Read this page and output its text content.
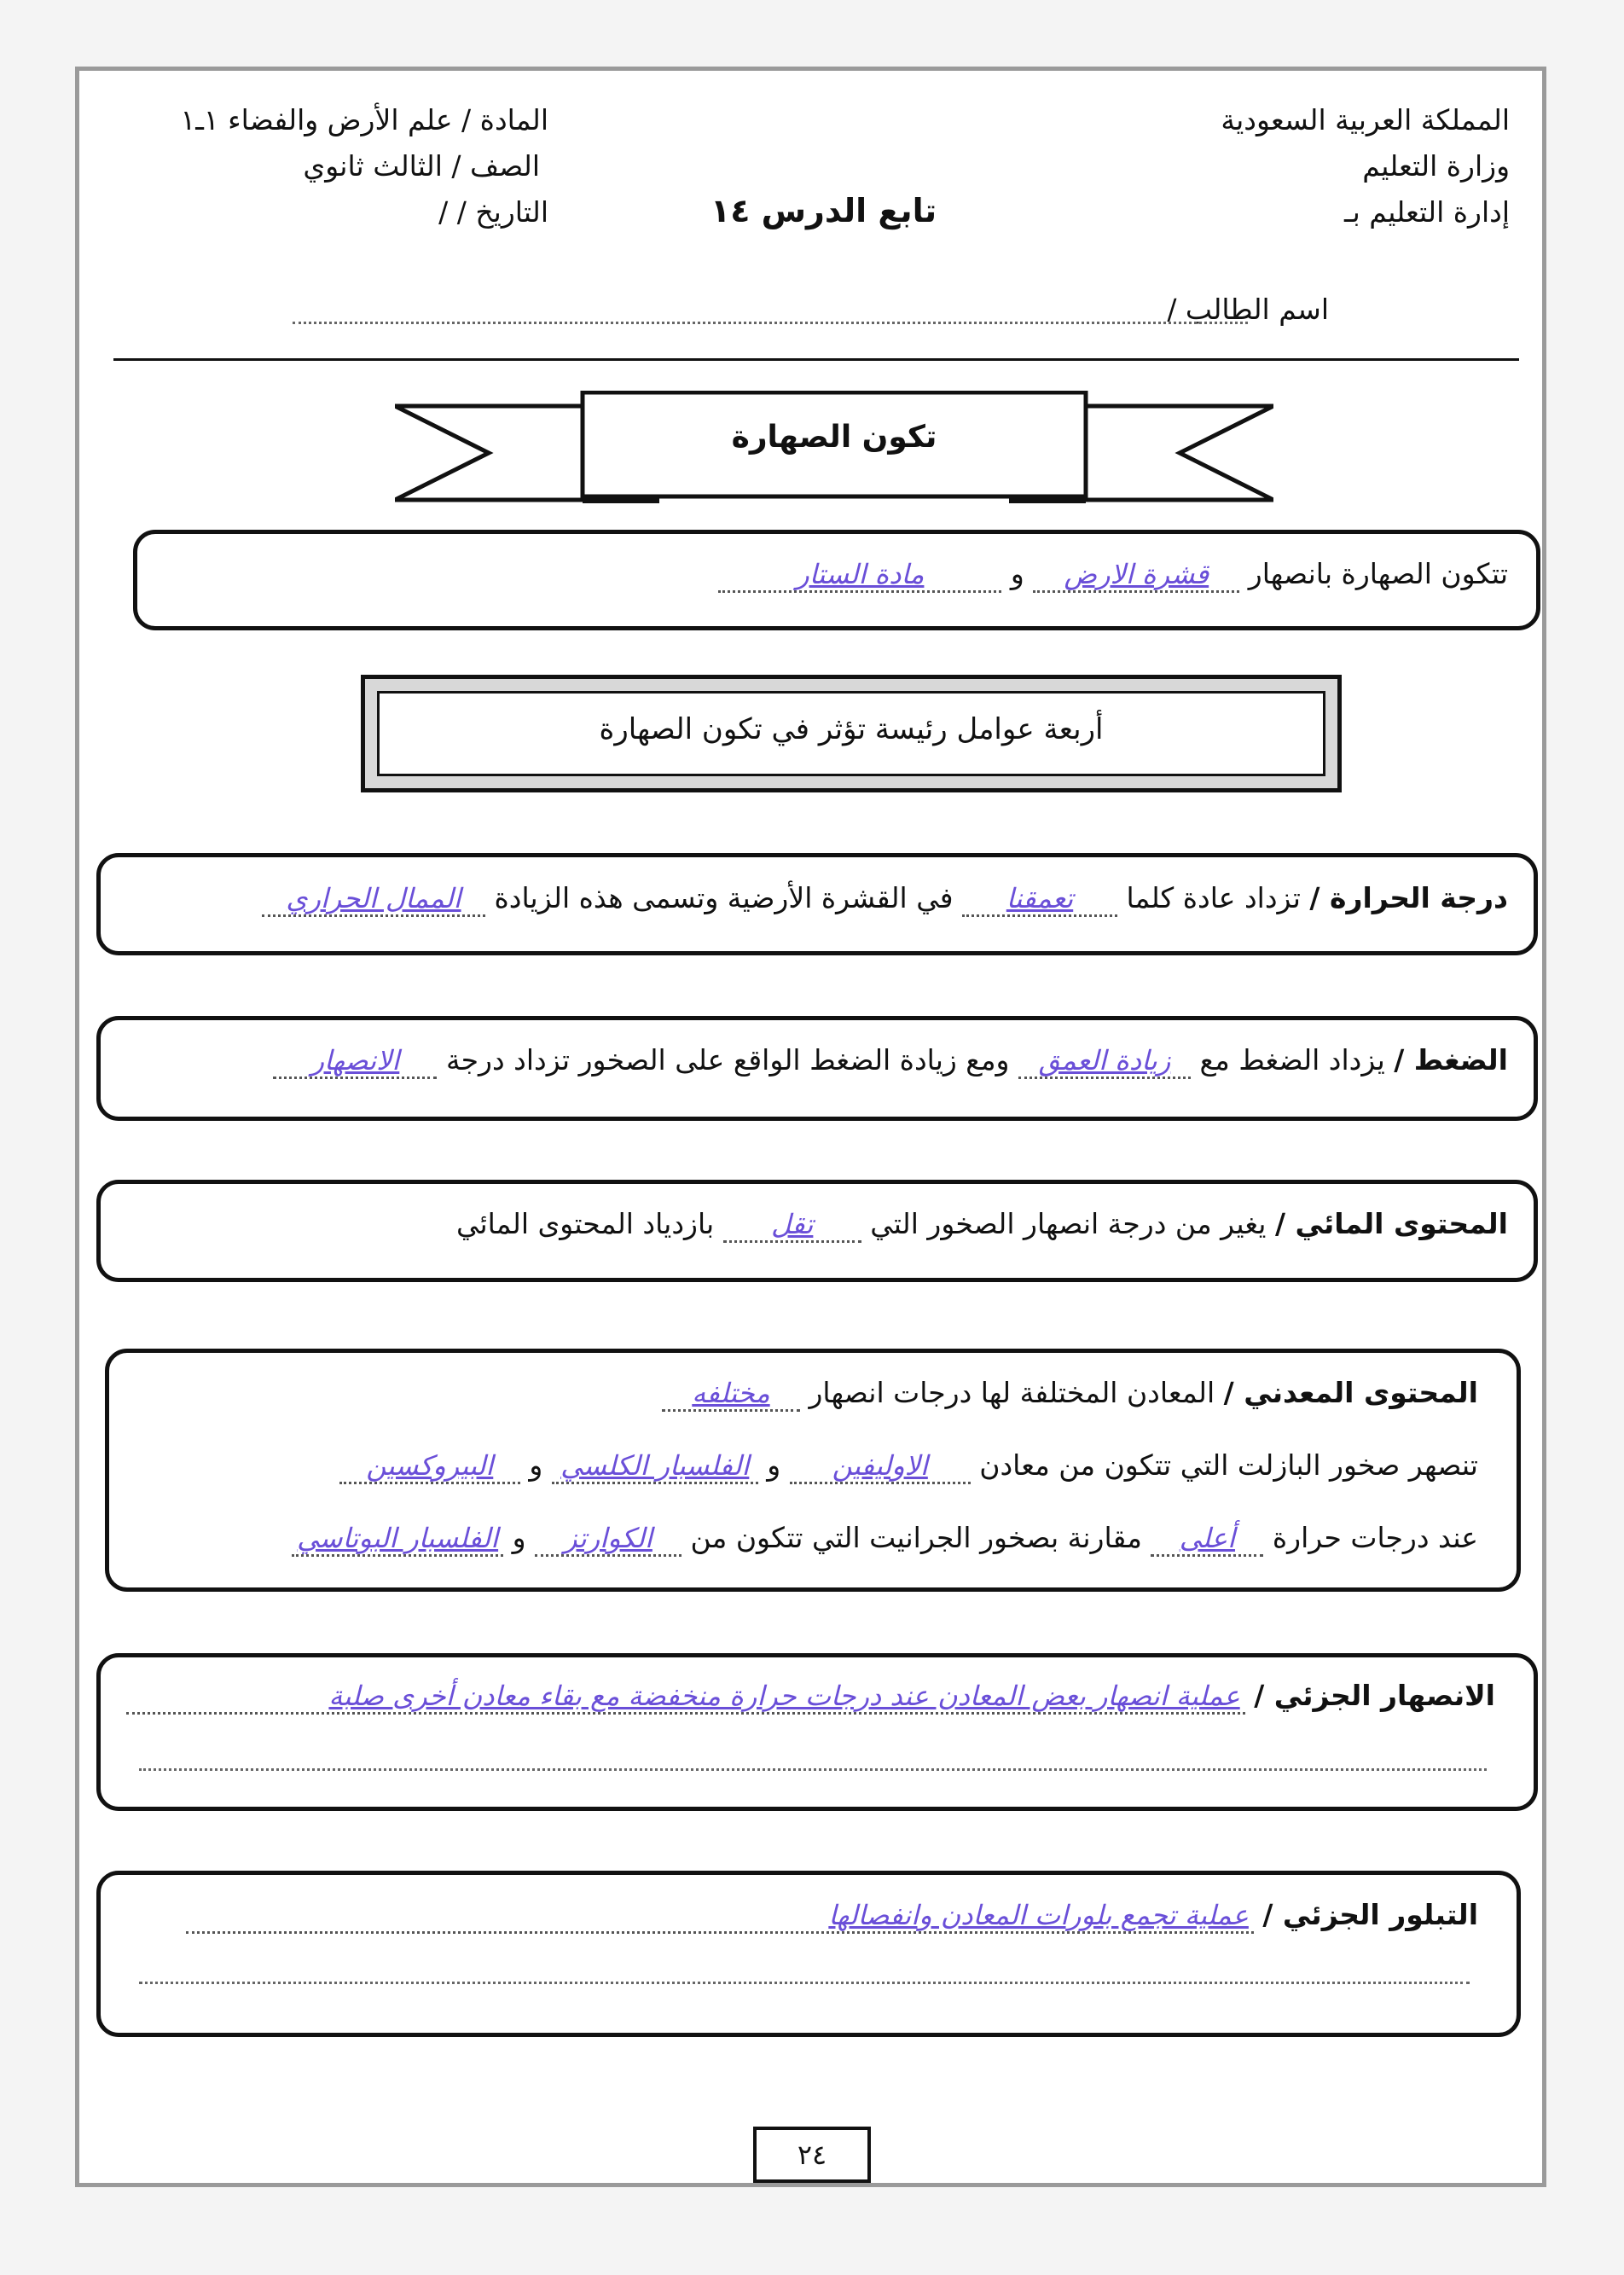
المملكة العربية السعودية
وزارة التعليم
إدارة التعليم بـ
المادة / علم الأرض والفضاء ١ـ١
الصف / الثالث ثانوي
التاريخ / /	تابع الدرس ١٤
اسم الطالب /
تكون الصهارة
تتكون الصهارة بانصهار قشرة الارض و مادة الستار
أربعة عوامل رئيسة تؤثر في تكون الصهارة
درجة الحرارة / تزداد عادة كلما تعمقنا في القشرة الأرضية وتسمى هذه الزيادة الممال الحراري
الضغط / يزداد الضغط مع زيادة العمق ومع زيادة الضغط الواقع على الصخور تزداد درجة الانصهار
المحتوى المائي / يغير من درجة انصهار الصخور التي تقل بازدياد المحتوى المائي
المحتوى المعدني / المعادن المختلفة لها درجات انصهار مختلفه
تنصهر صخور البازلت التي تتكون من معادن الاوليفين و الفلسبار الكلسي و البيروكسين
عند درجات حرارة أعلى مقارنة بصخور الجرانيت التي تتكون من الكوارتز و الفلسبار البوتاسي
الانصهار الجزئي / عملية انصهار بعض المعادن عند درجات حرارة منخفضة مع بقاء معادن أخرى صلبة
التبلور الجزئي / عملية تجمع بلورات المعادن وانفصالها
٢٤
